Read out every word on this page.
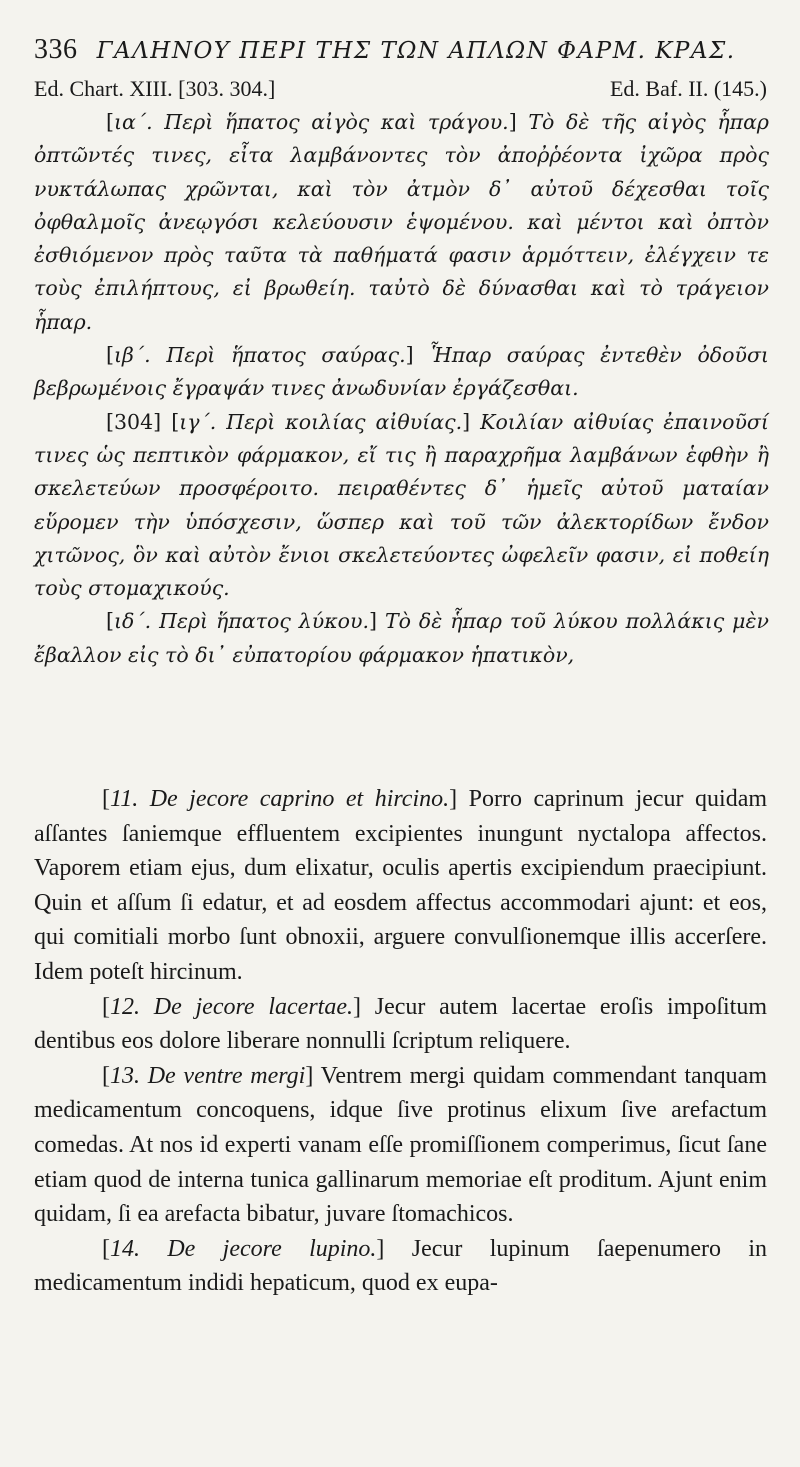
336 ΓΑΛΗΝΟΥ ΠΕΡΙ ΤΗΣ ΤΩΝ ΑΠΛΩΝ ΦΑΡΜ. ΚΡΑΣ.
Ed. Chart. XIII. [303. 304.]	Ed. Baf. II. (145.)

[ια΄. Περὶ ἥπατος αἰγὸς καὶ τράγου.] Τὸ δὲ τῆς αἰγὸς ἧπαρ ὀπτῶντές τινες, εἶτα λαμβάνοντες τὸν ἀποῤῥέοντα ἰχῶρα πρὸς νυκτάλωπας χρῶνται, καὶ τὸν ἀτμὸν δ᾽ αὐτοῦ δέχεσθαι τοῖς ὀφθαλμοῖς ἀνεῳγόσι κελεύουσιν ἑψομένου. καὶ μέντοι καὶ ὀπτὸν ἐσθιόμενον πρὸς ταῦτα τὰ παθήματά φασιν ἁρμόττειν, ἐλέγχειν τε τοὺς ἐπιλήπτους, εἰ βρωθείη. ταὐτὸ δὲ δύνασθαι καὶ τὸ τράγειον ἧπαρ.

[ιβ΄. Περὶ ἥπατος σαύρας.] Ἧπαρ σαύρας ἐντεθὲν ὀδοῦσι βεβρωμένοις ἔγραψάν τινες ἀνωδυνίαν ἐργάζεσθαι.

[304] [ιγ΄. Περὶ κοιλίας αἰθυίας.] Κοιλίαν αἰθυίας ἐπαινοῦσί τινες ὡς πεπτικὸν φάρμακον, εἴ τις ἢ παραχρῆμα λαμβάνων ἑφθὴν ἢ σκελετεύων προσφέροιτο. πειραθέντες δ᾽ ἡμεῖς αὐτοῦ ματαίαν εὕρομεν τὴν ὑπόσχεσιν, ὥσπερ καὶ τοῦ τῶν ἀλεκτορίδων ἔνδον χιτῶνος, ὃν καὶ αὐτὸν ἔνιοι σκελετεύοντες ὠφελεῖν φασιν, εἰ ποθείη τοὺς στομαχικούς.

[ιδ΄. Περὶ ἥπατος λύκου.] Τὸ δὲ ἧπαρ τοῦ λύκου πολλάκις μὲν ἔβαλλον εἰς τὸ δι᾽ εὐπατορίου φάρμακον ἡπατικὸν,

[11. De jecore caprino et hircino.] Porro caprinum jecur quidam aſſantes ſaniemque effluentem excipientes inungunt nyctalopa affectos. Vaporem etiam ejus, dum elixatur, oculis apertis excipiendum praecipiunt. Quin et aſſum ſi edatur, et ad eosdem affectus accommodari ajunt: et eos, qui comitiali morbo ſunt obnoxii, arguere convulſionemque illis accerſere. Idem poteſt hircinum.

[12. De jecore lacertae.] Jecur autem lacertae eroſis impoſitum dentibus eos dolore liberare nonnulli ſcriptum reliquere.

[13. De ventre mergi] Ventrem mergi quidam commendant tanquam medicamentum concoquens, idque ſive protinus elixum ſive arefactum comedas. At nos id experti vanam eſſe promiſſionem comperimus, ſicut ſane etiam quod de interna tunica gallinarum memoriae eſt proditum. Ajunt enim quidam, ſi ea arefacta bibatur, juvare ſtomachicos.

[14. De jecore lupino.] Jecur lupinum ſaepenumero in medicamentum indidi hepaticum, quod ex eupa-
